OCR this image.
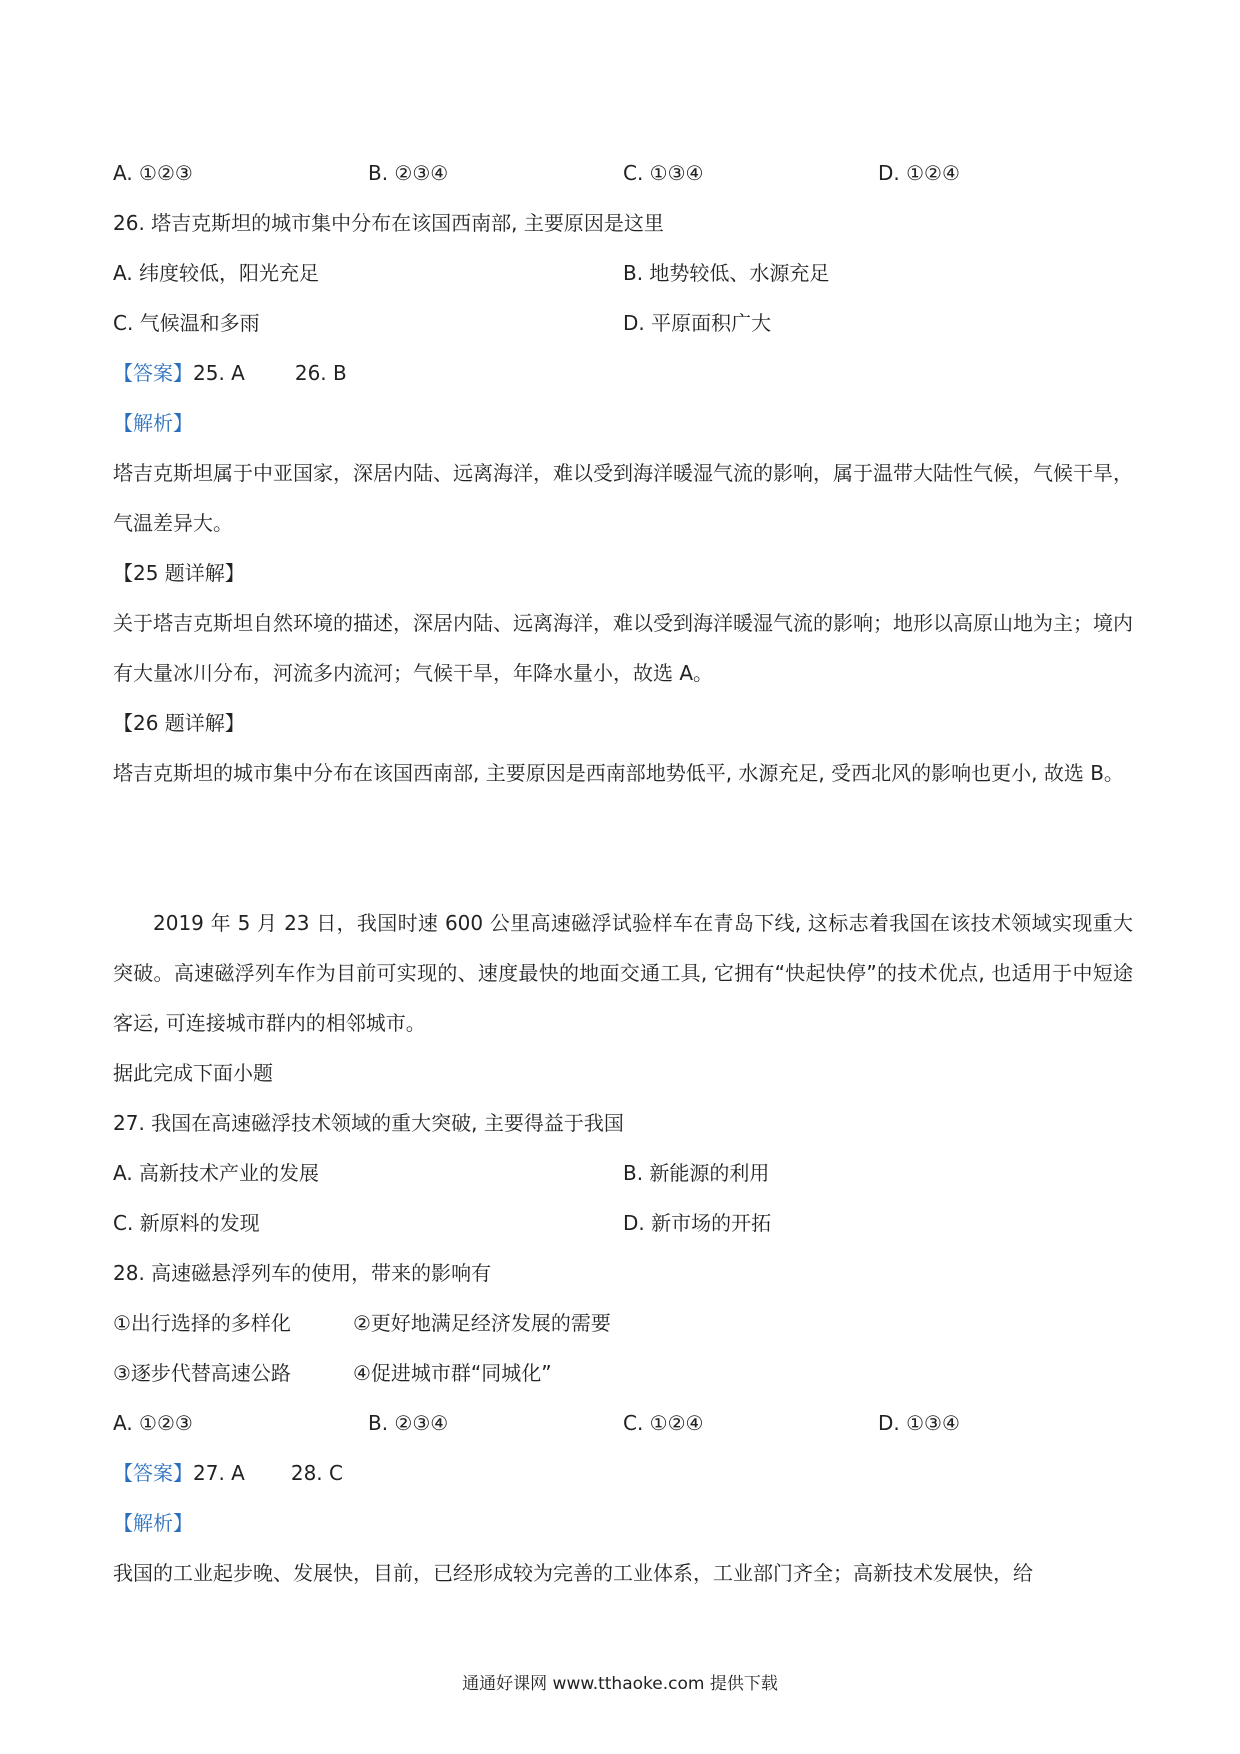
A. ①②③	B. ②③④	C. ①③④	D. ①②④
26. 塔吉克斯坦的城市集中分布在该国西南部, 主要原因是这里
A. 纬度较低，阳光充足	B. 地势较低、水源充足
C. 气候温和多雨	D. 平原面积广大
【答案】25. A	26. B
【解析】
塔吉克斯坦属于中亚国家，深居内陆、远离海洋，难以受到海洋暖湿气流的影响，属于温带大陆性气候，气候干旱，气温差异大。
【25 题详解】
关于塔吉克斯坦自然环境的描述，深居内陆、远离海洋，难以受到海洋暖湿气流的影响；地形以高原山地为主；境内有大量冰川分布，河流多内流河；气候干旱，年降水量小，故选 A。
【26 题详解】
塔吉克斯坦的城市集中分布在该国西南部, 主要原因是西南部地势低平, 水源充足, 受西北风的影响也更小, 故选 B。
2019 年 5 月 23 日，我国时速 600 公里高速磁浮试验样车在青岛下线, 这标志着我国在该技术领域实现重大突破。高速磁浮列车作为目前可实现的、速度最快的地面交通工具, 它拥有“快起快停”的技术优点, 也适用于中短途客运, 可连接城市群内的相邻城市。
据此完成下面小题
27. 我国在高速磁浮技术领域的重大突破, 主要得益于我国
A. 高新技术产业的发展	B. 新能源的利用
C. 新原料的发现	D. 新市场的开拓
28. 高速磁悬浮列车的使用，带来的影响有
①出行选择的多样化	②更好地满足经济发展的需要
③逐步代替高速公路	④促进城市群“同城化”
A. ①②③	B. ②③④	C. ①②④	D. ①③④
【答案】27. A 28. C
【解析】
我国的工业起步晚、发展快，目前，已经形成较为完善的工业体系，工业部门齐全；高新技术发展快，给
通通好课网 www.tthaoke.com 提供下载
